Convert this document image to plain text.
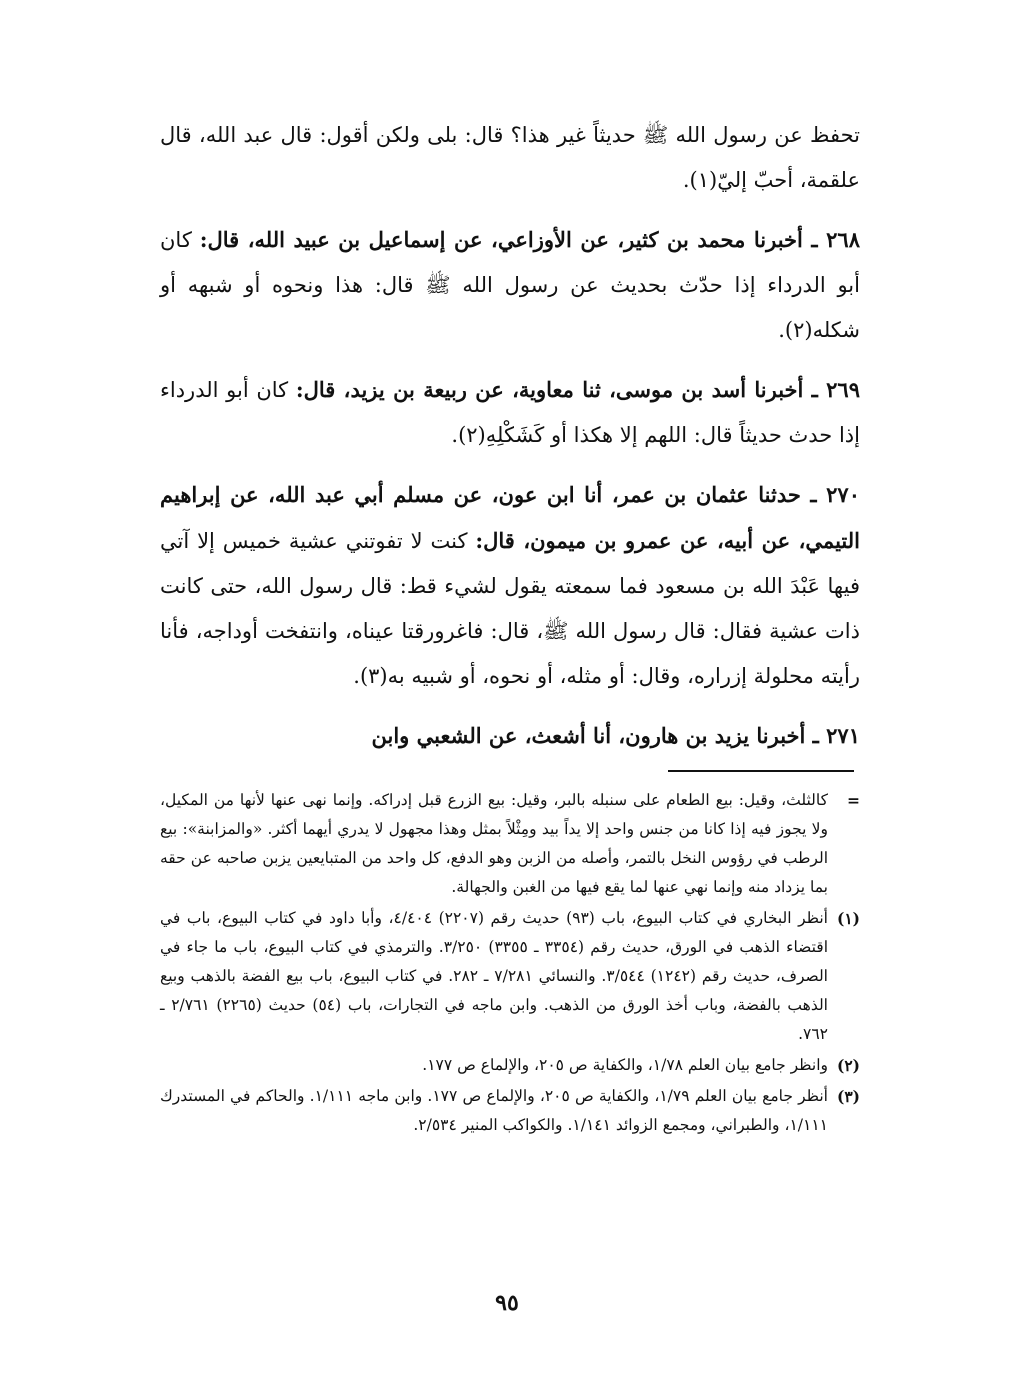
تحفظ عن رسول الله ﷺ حديثاً غير هذا؟ قال: بلى ولكن أقول: قال عبد الله، قال علقمة، أحبّ إليّ(١).

٢٦٨ ـ أخبرنا محمد بن كثير، عن الأوزاعي، عن إسماعيل بن عبيد الله، قال: كان أبو الدرداء إذا حدّث بحديث عن رسول الله ﷺ قال: هذا ونحوه أو شبهه أو شكله(٢).

٢٦٩ ـ أخبرنا أسد بن موسى، ثنا معاوية، عن ربيعة بن يزيد، قال: كان أبو الدرداء إذا حدث حديثاً قال: اللهم إلا هكذا أو كَشَكْلِهِ(٢).

٢٧٠ ـ حدثنا عثمان بن عمر، أنا ابن عون، عن مسلم أبي عبد الله، عن إبراهيم التيمي، عن أبيه، عن عمرو بن ميمون، قال: كنت لا تفوتني عشية خميس إلا آتي فيها عَبْدَ الله بن مسعود فما سمعته يقول لشيء قط: قال رسول الله، حتى كانت ذات عشية فقال: قال رسول الله ﷺ، قال: فاغرورقتا عيناه، وانتفخت أوداجه، فأنا رأيته محلولة إزراره، وقال: أو مثله، أو نحوه، أو شبيه به(٣).

٢٧١ ـ أخبرنا يزيد بن هارون، أنا أشعث، عن الشعبي وابن

=
كالثلث، وقيل: بيع الطعام على سنبله بالبر، وقيل: بيع الزرع قبل إدراكه. وإنما نهى عنها لأنها من المكيل، ولا يجوز فيه إذا كانا من جنس واحد إلا يداً بيد ومِثْلاً بمثل وهذا مجهول لا يدري أيهما أكثر. «والمزابنة»: بيع الرطب في رؤوس النخل بالتمر، وأصله من الزبن وهو الدفع، كل واحد من المتبايعين يزبن صاحبه عن حقه بما يزداد منه وإنما نهي عنها لما يقع فيها من الغبن والجهالة.
(١)
أنظر البخاري في كتاب البيوع، باب (٩٣) حديث رقم (٢٢٠٧) ٤/٤٠٤، وأبا داود في كتاب البيوع، باب في اقتضاء الذهب في الورق، حديث رقم (٣٣٥٤ ـ ٣٣٥٥) ٣/٢٥٠. والترمذي في كتاب البيوع، باب ما جاء في الصرف، حديث رقم (١٢٤٢) ٣/٥٤٤. والنسائي ٧/٢٨١ ـ ٢٨٢. في كتاب البيوع، باب بيع الفضة بالذهب وبيع الذهب بالفضة، وباب أخذ الورق من الذهب. وابن ماجه في التجارات، باب (٥٤) حديث (٢٢٦٥) ٢/٧٦١ ـ ٧٦٢.
(٢)
وانظر جامع بيان العلم ١/٧٨، والكفاية ص ٢٠٥، والإلماع ص ١٧٧.
(٣)
أنظر جامع بيان العلم ١/٧٩، والكفاية ص ٢٠٥، والإلماع ص ١٧٧. وابن ماجه ١/١١١. والحاكم في المستدرك ١/١١١، والطبراني، ومجمع الزوائد ١/١٤١. والكواكب المنير ٢/٥٣٤.
٩٥
